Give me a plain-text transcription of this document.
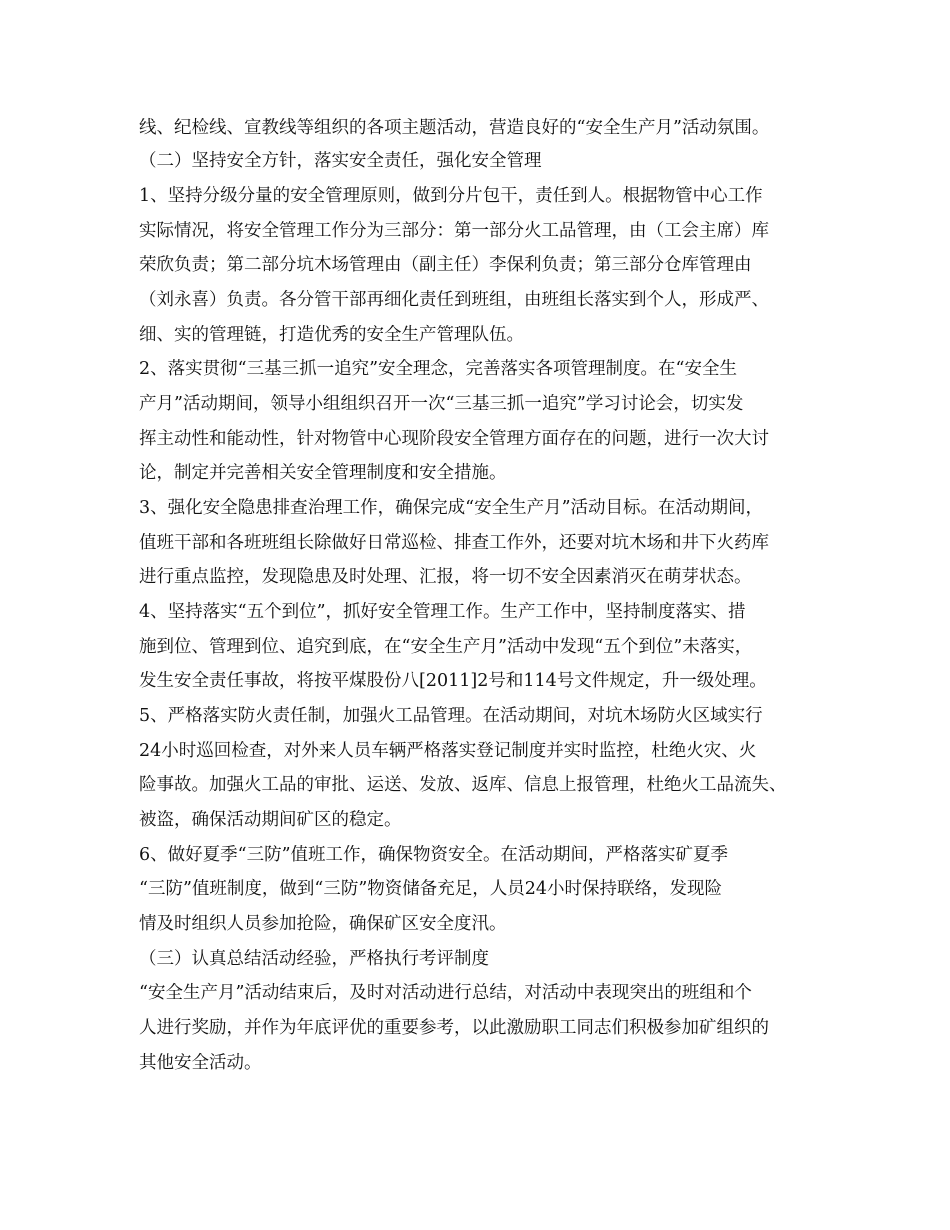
线、纪检线、宣教线等组织的各项主题活动，营造良好的“安全生产月”活动氛围。
（二）坚持安全方针，落实安全责任，强化安全管理
1、坚持分级分量的安全管理原则，做到分片包干，责任到人。根据物管中心工作
实际情况，将安全管理工作分为三部分：第一部分火工品管理，由（工会主席）库
荣欣负责；第二部分坑木场管理由（副主任）李保利负责；第三部分仓库管理由
（刘永喜）负责。各分管干部再细化责任到班组，由班组长落实到个人，形成严、
细、实的管理链，打造优秀的安全生产管理队伍。
2、落实贯彻“三基三抓一追究”安全理念，完善落实各项管理制度。在“安全生
产月”活动期间，领导小组组织召开一次“三基三抓一追究”学习讨论会，切实发
挥主动性和能动性，针对物管中心现阶段安全管理方面存在的问题，进行一次大讨
论，制定并完善相关安全管理制度和安全措施。
3、强化安全隐患排查治理工作，确保完成“安全生产月”活动目标。在活动期间，
值班干部和各班班组长除做好日常巡检、排查工作外，还要对坑木场和井下火药库
进行重点监控，发现隐患及时处理、汇报，将一切不安全因素消灭在萌芽状态。
4、坚持落实“五个到位”，抓好安全管理工作。生产工作中，坚持制度落实、措
施到位、管理到位、追究到底，在“安全生产月”活动中发现“五个到位”未落实，
发生安全责任事故，将按平煤股份八[2011]2号和114号文件规定，升一级处理。
5、严格落实防火责任制，加强火工品管理。在活动期间，对坑木场防火区域实行
24小时巡回检查，对外来人员车辆严格落实登记制度并实时监控，杜绝火灾、火
险事故。加强火工品的审批、运送、发放、返库、信息上报管理，杜绝火工品流失、
被盗，确保活动期间矿区的稳定。
6、做好夏季“三防”值班工作，确保物资安全。在活动期间，严格落实矿夏季
“三防”值班制度，做到“三防”物资储备充足，人员24小时保持联络，发现险
情及时组织人员参加抢险，确保矿区安全度汛。
（三）认真总结活动经验，严格执行考评制度
“安全生产月”活动结束后，及时对活动进行总结，对活动中表现突出的班组和个
人进行奖励，并作为年底评优的重要参考，以此激励职工同志们积极参加矿组织的
其他安全活动。
